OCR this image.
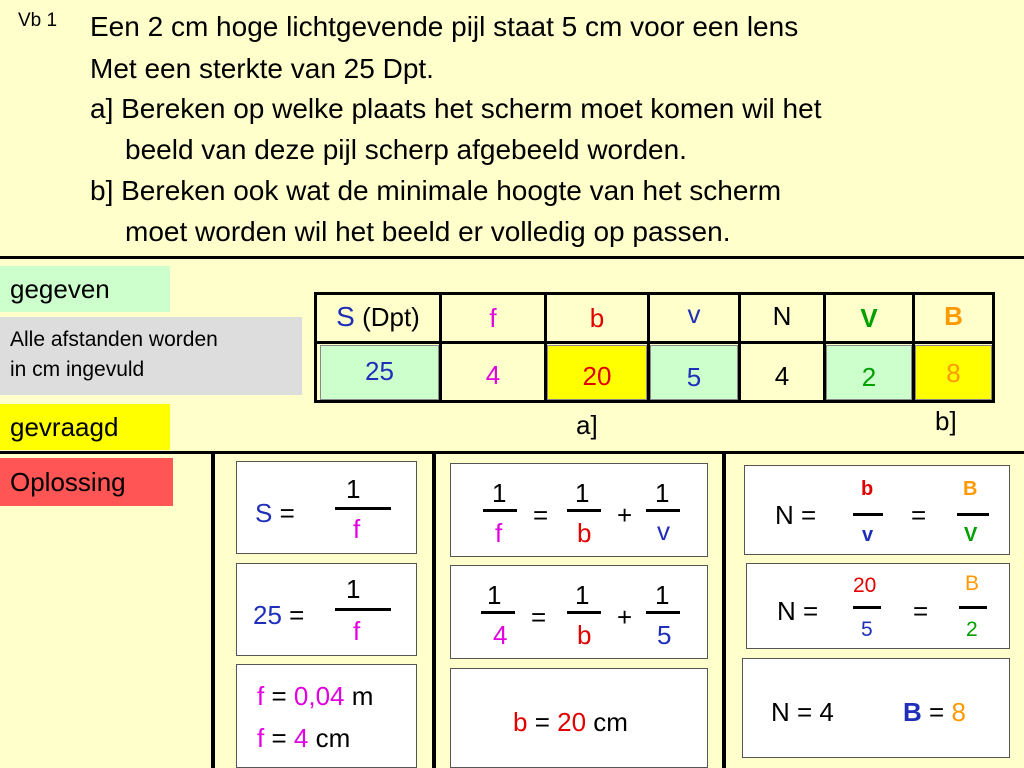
Vb 1 Een 2 cm hoge lichtgevende pijl staat 5 cm voor een lens
Met een sterkte van 25 Dpt.
a] Bereken op welke plaats het scherm moet komen wil het
beeld van deze pijl scherp afgebeeld worden.
b] Bereken ook wat de minimale hoogte van het scherm
moet worden wil het beeld er volledig op passen.
gegeven
Alle afstanden worden
in cm ingevuld
gevraagd
Oplossing
S (Dpt)	f	b	v	N	V	B
25	4	20	5	4	2	8
a]	b]
S =
1
f
25 =
1
f
f = 0,04 m
f = 4 cm
1
f
=
1
b
+
1
v
1
4
=
1
b
+
1
5
b = 20 cm
N =
b
v
=
B
V
N =
20
5
=
B
2
N = 4	B = 8
